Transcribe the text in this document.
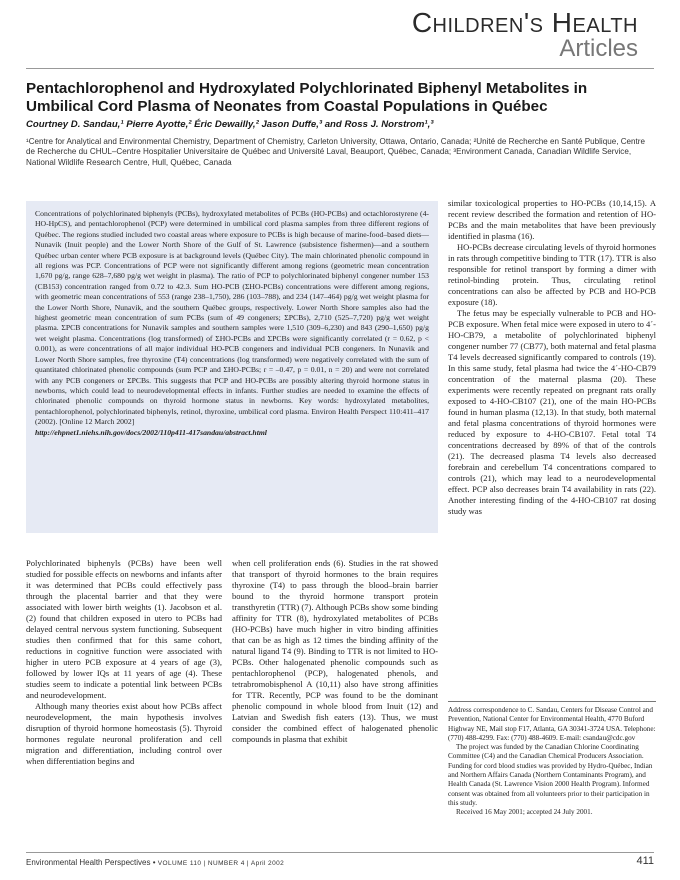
Children's Health
Articles
Pentachlorophenol and Hydroxylated Polychlorinated Biphenyl Metabolites in Umbilical Cord Plasma of Neonates from Coastal Populations in Québec
Courtney D. Sandau,¹ Pierre Ayotte,² Éric Dewailly,² Jason Duffe,³ and Ross J. Norstrom¹,³
¹Centre for Analytical and Environmental Chemistry, Department of Chemistry, Carleton University, Ottawa, Ontario, Canada; ²Unité de Recherche en Santé Publique, Centre de Recherche du CHUL–Centre Hospitalier Universitaire de Québec and Université Laval, Beauport, Québec, Canada; ³Environment Canada, Canadian Wildlife Service, National Wildlife Research Centre, Hull, Québec, Canada

Concentrations of polychlorinated biphenyls (PCBs), hydroxylated metabolites of PCBs (HO-PCBs) and octachlorostyrene (4-HO-HpCS), and pentachlorophenol (PCP) were determined in umbilical cord plasma samples from three different regions of Québec. The regions studied included two coastal areas where exposure to PCBs is high because of marine-food–based diets—Nunavik (Inuit people) and the Lower North Shore of the Gulf of St. Lawrence (subsistence fishermen)—and a southern Québec urban center where PCB exposure is at background levels (Québec City). The main chlorinated phenolic compound in all regions was PCP. Concentrations of PCP were not significantly different among regions (geometric mean concentration 1,670 pg/g, range 628–7,680 pg/g wet weight in plasma). The ratio of PCP to polychlorinated biphenyl congener number 153 (CB153) concentration ranged from 0.72 to 42.3. Sum HO-PCB (ΣHO-PCBs) concentrations were different among regions, with geometric mean concentrations of 553 (range 238–1,750), 286 (103–788), and 234 (147–464) pg/g wet weight plasma for the Lower North Shore, Nunavik, and the southern Québec groups, respectively. Lower North Shore samples also had the highest geometric mean concentration of sum PCBs (sum of 49 congeners; ΣPCBs), 2,710 (525–7,720) pg/g wet weight plasma. ΣPCB concentrations for Nunavik samples and southern samples were 1,510 (309–6,230) and 843 (290–1,650) pg/g wet weight plasma. Concentrations (log transformed) of ΣHO-PCBs and ΣPCBs were significantly correlated (r = 0.62, p < 0.001), as were concentrations of all major individual HO-PCB congeners and individual PCB congeners. In Nunavik and Lower North Shore samples, free thyroxine (T4) concentrations (log transformed) were negatively correlated with the sum of quantitated chlorinated phenolic compounds (sum PCP and ΣHO-PCBs; r = –0.47, p = 0.01, n = 20) and were not correlated with any PCB congeners or ΣPCBs. This suggests that PCP and HO-PCBs are possibly altering thyroid hormone status in newborns, which could lead to neurodevelopmental effects in infants. Further studies are needed to examine the effects of chlorinated phenolic compounds on thyroid hormone status in newborns. Key words: hydroxylated metabolites, pentachlorophenol, polychlorinated biphenyls, retinol, thyroxine, umbilical cord plasma. Environ Health Perspect 110:411–417 (2002). [Online 12 March 2002]

http://ehpnet1.niehs.nih.gov/docs/2002/110p411-417sandau/abstract.html

Polychlorinated biphenyls (PCBs) have been well studied for possible effects on newborns and infants after it was determined that PCBs could effectively pass through the placental barrier and that they were associated with lower birth weights (1). Jacobson et al. (2) found that children exposed in utero to PCBs had delayed central nervous system functioning. Subsequent studies then confirmed that for this same cohort, reductions in cognitive function were associated with higher in utero PCB exposure at 4 years of age (3), followed by lower IQs at 11 years of age (4). These studies seem to indicate a potential link between PCBs and neurodevelopment.

Although many theories exist about how PCBs affect neurodevelopment, the main hypothesis involves disruption of thyroid hormone homeostasis (5). Thyroid hormones regulate neuronal proliferation and cell migration and differentiation, including control over when differentiation begins and

when cell proliferation ends (6). Studies in the rat showed that transport of thyroid hormones to the brain requires thyroxine (T4) to pass through the blood–brain barrier bound to the thyroid hormone transport protein transthyretin (TTR) (7). Although PCBs show some binding affinity for TTR (8), hydroxylated metabolites of PCBs (HO-PCBs) have much higher in vitro binding affinities that can be as high as 12 times the binding affinity of the natural ligand T4 (9). Binding to TTR is not limited to HO-PCBs. Other halogenated phenolic compounds such as pentachlorophenol (PCP), halogenated phenols, and tetrabromobisphenol A (10,11) also have strong affinities for TTR. Recently, PCP was found to be the dominant phenolic compound in whole blood from Inuit (12) and Latvian and Swedish fish eaters (13). Thus, we must consider the combined effect of halogenated phenolic compounds in plasma that exhibit

similar toxicological properties to HO-PCBs (10,14,15). A recent review described the formation and retention of HO-PCBs and the main metabolites that have been previously identified in plasma (16).

HO-PCBs decrease circulating levels of thyroid hormones in rats through competitive binding to TTR (17). TTR is also responsible for retinol transport by forming a dimer with retinol-binding protein. Thus, circulating retinol concentrations can also be affected by PCB and HO-PCB exposure (18).

The fetus may be especially vulnerable to PCB and HO-PCB exposure. When fetal mice were exposed in utero to 4´-HO-CB79, a metabolite of polychlorinated biphenyl congener number 77 (CB77), both maternal and fetal plasma T4 levels decreased significantly compared to controls (19). In this same study, fetal plasma had twice the 4´-HO-CB79 concentration of the maternal plasma (20). These experiments were recently repeated on pregnant rats orally exposed to 4-HO-CB107 (21), one of the main HO-PCBs found in human plasma (12,13). In that study, both maternal and fetal plasma concentrations of thyroid hormones were reduced by exposure to 4-HO-CB107. Fetal total T4 concentrations decreased by 89% of that of the controls (21). The decreased plasma T4 levels also decreased forebrain and cerebellum T4 concentrations compared to controls (21), which may lead to a neurodevelopmental effect. PCP also decreases brain T4 availability in rats (22). Another interesting finding of the 4-HO-CB107 rat dosing study was

Address correspondence to C. Sandau, Centers for Disease Control and Prevention, National Center for Environmental Health, 4770 Buford Highway NE, Mail stop F17, Atlanta, GA 30341-3724 USA. Telephone: (770) 488-4299. Fax: (770) 488-4609. E-mail: csandau@cdc.gov

The project was funded by the Canadian Chlorine Coordinating Committee (C4) and the Canadian Chemical Producers Association. Funding for cord blood studies was provided by Hydro-Québec, Indian and Northern Affairs Canada (Northern Contaminants Program), and Health Canada (St. Lawrence Vision 2000 Health Program). Informed consent was obtained from all volunteers prior to their participation in this study.

Received 16 May 2001; accepted 24 July 2001.

Environmental Health Perspectives • VOLUME 110 | NUMBER 4 | April 2002	411
